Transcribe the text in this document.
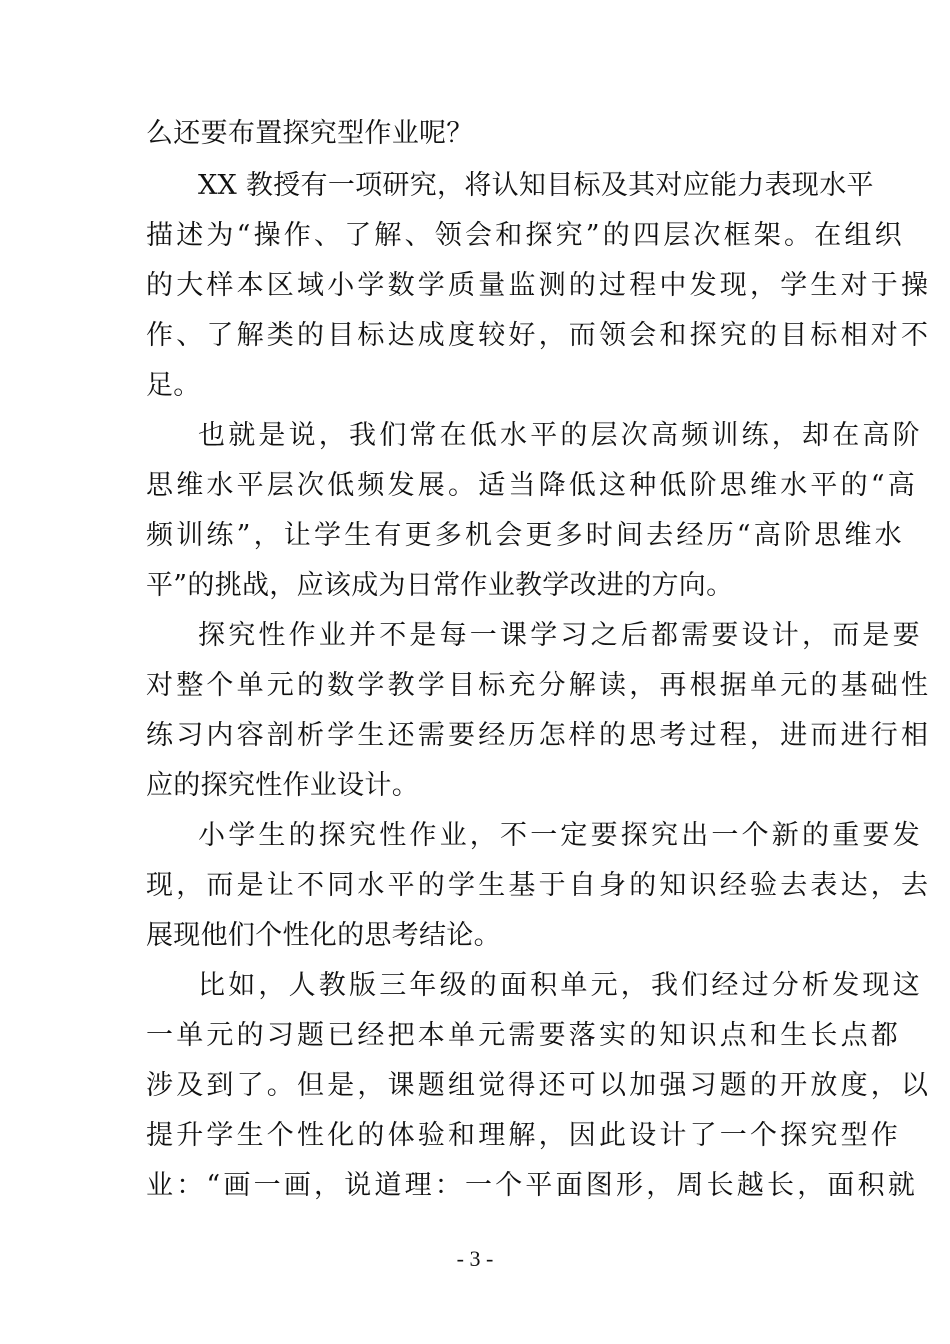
么还要布置探究型作业呢？
XX 教授有一项研究，将认知目标及其对应能力表现水平
描述为“操作、了解、领会和探究”的四层次框架。在组织
的大样本区域小学数学质量监测的过程中发现，学生对于操
作、了解类的目标达成度较好，而领会和探究的目标相对不
足。
也就是说，我们常在低水平的层次高频训练，却在高阶
思维水平层次低频发展。适当降低这种低阶思维水平的“高
频训练”，让学生有更多机会更多时间去经历“高阶思维水
平”的挑战，应该成为日常作业教学改进的方向。
探究性作业并不是每一课学习之后都需要设计，而是要
对整个单元的数学教学目标充分解读，再根据单元的基础性
练习内容剖析学生还需要经历怎样的思考过程，进而进行相
应的探究性作业设计。
小学生的探究性作业，不一定要探究出一个新的重要发
现，而是让不同水平的学生基于自身的知识经验去表达，去
展现他们个性化的思考结论。
比如，人教版三年级的面积单元，我们经过分析发现这
一单元的习题已经把本单元需要落实的知识点和生长点都
涉及到了。但是，课题组觉得还可以加强习题的开放度，以
提升学生个性化的体验和理解，因此设计了一个探究型作
业：“画一画，说道理：一个平面图形，周长越长，面积就
- 3 -
